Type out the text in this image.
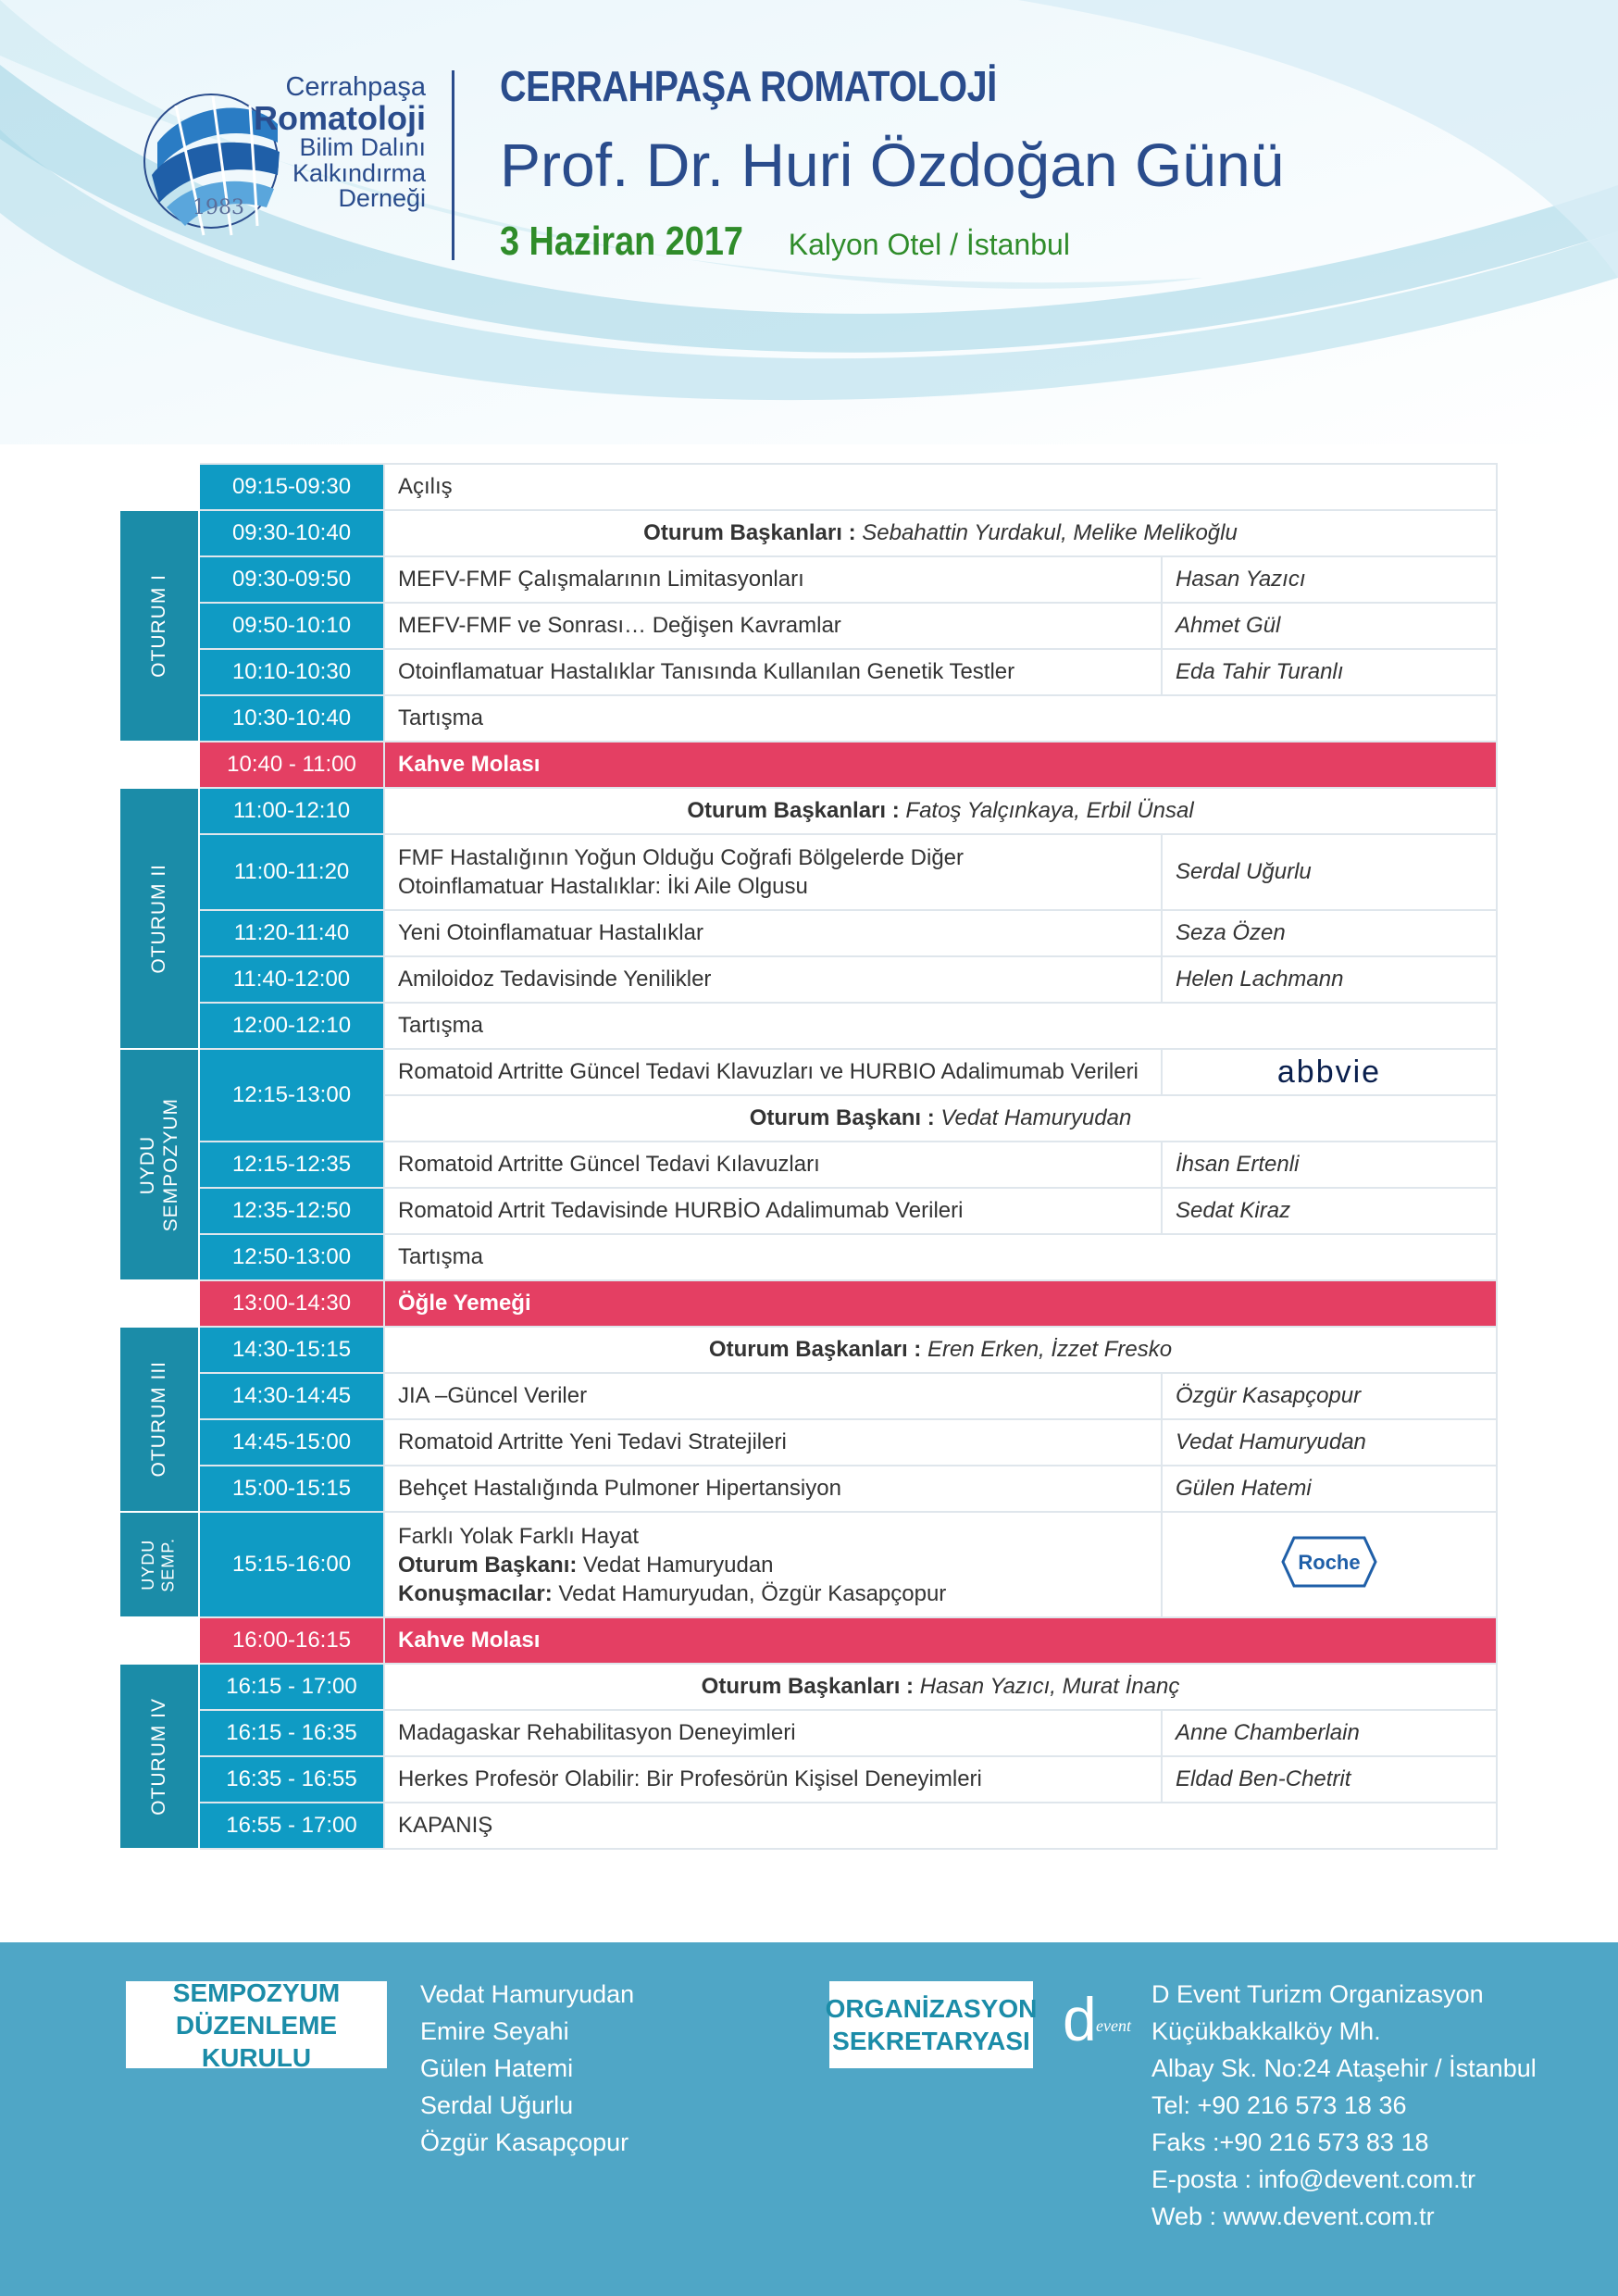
1983
Cerrahpaşa
Romatoloji
Bilim Dalını
Kalkındırma
Derneği
CERRAHPAŞA ROMATOLOJİ
Prof. Dr. Huri Özdoğan Günü
3 Haziran 2017 Kalyon Otel / İstanbul
	09:15-09:30	Açılış	

OTURUM I	09:30-10:40	Oturum Başkanları : Sebahattin Yurdakul, Melike Melikoğlu	
	09:30-09:50	MEFV-FMF Çalışmalarının Limitasyonları	Hasan Yazıcı
	09:50-10:10	MEFV-FMF ve Sonrası… Değişen Kavramlar	Ahmet Gül
	10:10-10:30	Otoinflamatuar Hastalıklar Tanısında Kullanılan Genetik Testler	Eda Tahir Turanlı
	10:30-10:40	Tartışma	
	10:40 - 11:00	Kahve Molası	

OTURUM II	11:00-12:10	Oturum Başkanları : Fatoş Yalçınkaya, Erbil Ünsal	
	11:00-11:20	FMF Hastalığının Yoğun Olduğu Coğrafi Bölgelerde Diğer
Otoinflamatuar Hastalıklar: İki Aile Olgusu	Serdal Uğurlu
	11:20-11:40	Yeni Otoinflamatuar Hastalıklar	Seza Özen
	11:40-12:00	Amiloidoz Tedavisinde Yenilikler	Helen Lachmann
	12:00-12:10	Tartışma	

UYDU SEMPOZYUM	12:15-13:00	Romatoid Artritte Güncel Tedavi Klavuzları ve HURBIO Adalimumab Verileri	abbvie
		Oturum Başkanı : Vedat Hamuryudan	
	12:15-12:35	Romatoid Artritte Güncel Tedavi Kılavuzları	İhsan Ertenli
	12:35-12:50	Romatoid Artrit Tedavisinde HURBİO Adalimumab Verileri	Sedat Kiraz
	12:50-13:00	Tartışma	
	13:00-14:30	Öğle Yemeği	

OTURUM III	14:30-15:15	Oturum Başkanları : Eren Erken, İzzet Fresko	
	14:30-14:45	JIA –Güncel Veriler	Özgür Kasapçopur
	14:45-15:00	Romatoid Artritte Yeni Tedavi Stratejileri	Vedat Hamuryudan
	15:00-15:15	Behçet Hastalığında Pulmoner Hipertansiyon	Gülen Hatemi

UYDU
SEMP.	15:15-16:00	Farklı Yolak Farklı Hayat
Oturum Başkanı: Vedat Hamuryudan
Konuşmacılar: Vedat Hamuryudan, Özgür Kasapçopur	Roche

	16:00-16:15	Kahve Molası	

OTURUM IV	16:15 - 17:00	Oturum Başkanları : Hasan Yazıcı, Murat İnanç	
	16:15 - 16:35	Madagaskar Rehabilitasyon Deneyimleri	Anne Chamberlain
	16:35 - 16:55	Herkes Profesör Olabilir: Bir Profesörün Kişisel Deneyimleri	Eldad Ben-Chetrit
	16:55 - 17:00	KAPANIŞ	
SEMPOZYUM
DÜZENLEME KURULU
Vedat Hamuryudan
Emire Seyahi
Gülen Hatemi
Serdal Uğurlu
Özgür Kasapçopur
ORGANİZASYON
SEKRETARYASI d event
D Event Turizm Organizasyon
Küçükbakkalköy Mh.
Albay Sk. No:24 Ataşehir / İstanbul
Tel: +90 216 573 18 36
Faks :+90 216 573 83 18
E-posta : info@devent.com.tr
Web : www.devent.com.tr
